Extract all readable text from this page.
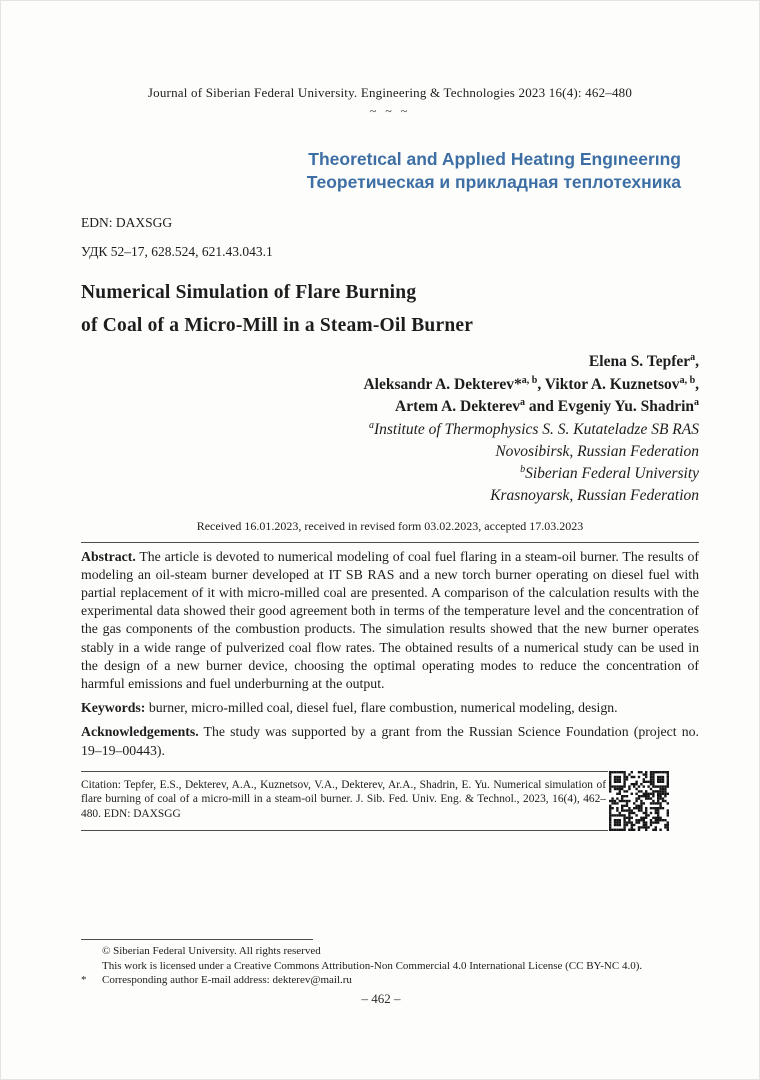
Journal of Siberian Federal University. Engineering & Technologies 2023 16(4): 462–480
~ ~ ~
Theoretıcal and Applıed Heatıng Engıneerıng
Теоретическая и прикладная теплотехника
EDN: DAXSGG
УДК 52–17, 628.524, 621.43.043.1
Numerical Simulation of Flare Burning
of Coal of a Micro-Mill in a Steam-Oil Burner
Elena S. Tepfer$^a$,
Aleksandr A. Dekterev*$^{a, b}$, Viktor A. Kuznetsov$^{a, b}$,
Artem A. Dekterev$^a$ and Evgeniy Yu. Shadrin$^a$
$^a$Institute of Thermophysics S. S. Kutateladze SB RAS
Novosibirsk, Russian Federation
$^b$Siberian Federal University
Krasnoyarsk, Russian Federation
Received 16.01.2023, received in revised form 03.02.2023, accepted 17.03.2023
Abstract. The article is devoted to numerical modeling of coal fuel flaring in a steam-oil burner. The results of modeling an oil-steam burner developed at IT SB RAS and a new torch burner operating on diesel fuel with partial replacement of it with micro-milled coal are presented. A comparison of the calculation results with the experimental data showed their good agreement both in terms of the temperature level and the concentration of the gas components of the combustion products. The simulation results showed that the new burner operates stably in a wide range of pulverized coal flow rates. The obtained results of a numerical study can be used in the design of a new burner device, choosing the optimal operating modes to reduce the concentration of harmful emissions and fuel underburning at the output.
Keywords: burner, micro-milled coal, diesel fuel, flare combustion, numerical modeling, design.
Acknowledgements. The study was supported by a grant from the Russian Science Foundation (project no. 19–19–00443).
Citation: Tepfer, E.S., Dekterev, A.A., Kuznetsov, V.A., Dekterev, Ar.A., Shadrin, E. Yu. Numerical simulation of flare burning of coal of a micro-mill in a steam-oil burner. J. Sib. Fed. Univ. Eng. & Technol., 2023, 16(4), 462–480. EDN: DAXSGG
© Siberian Federal University. All rights reserved
This work is licensed under a Creative Commons Attribution-Non Commercial 4.0 International License (CC BY-NC 4.0).
* Corresponding author E-mail address: dekterev@mail.ru
– 462 –
